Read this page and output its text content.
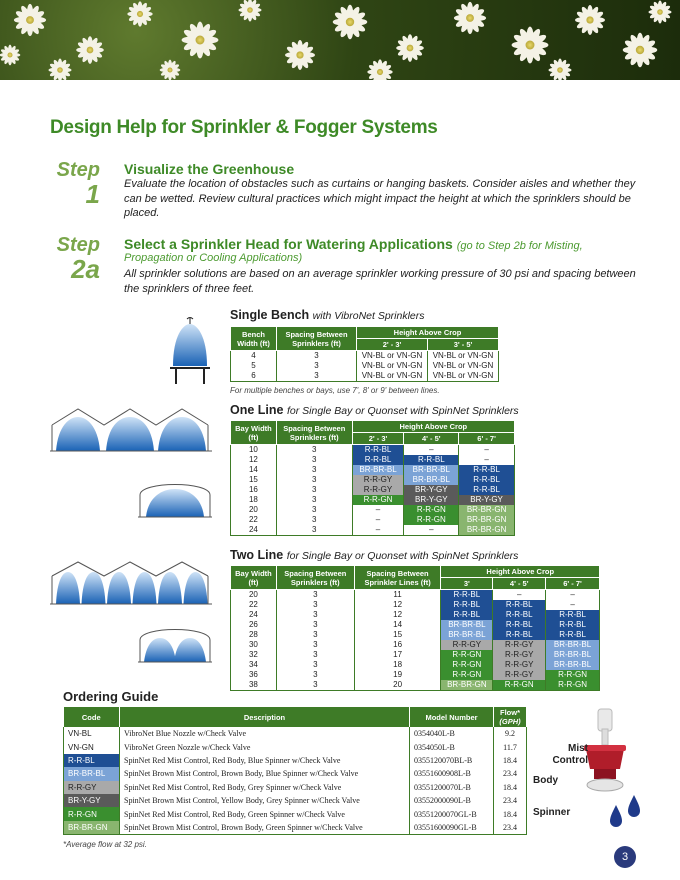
Design Help for Sprinkler & Fogger Systems
Step
1
Visualize the Greenhouse
Evaluate the location of obstacles such as curtains or hanging baskets. Consider aisles and whether they can be wetted. Review cultural practices which might impact the height at which the sprinklers should be placed.
Step
2a
Select a Sprinkler Head for Watering Applications (go to Step 2b for Misting,
Propagation or Cooling Applications)
All sprinkler solutions are based on an average sprinkler working pressure of 30 psi and spacing between the sprinklers of three feet.
Single Bench with VibroNet Sprinklers
Bench Width (ft)	Spacing Between Sprinklers (ft)	Height Above Crop	
		2' - 3'	3' - 5'
4	3	VN-BL or VN-GN	VN-BL or VN-GN
5	3	VN-BL or VN-GN	VN-BL or VN-GN
6	3	VN-BL or VN-GN	VN-BL or VN-GN
For multiple benches or bays, use 7', 8' or 9' between lines.
One Line for Single Bay or Quonset with SpinNet Sprinklers
Bay Width (ft)	Spacing Between Sprinklers (ft)	Height Above Crop		
		2' - 3'	4' - 5'	6' - 7'
10	3	R-R-BL	–	–
12	3	R-R-BL	R-R-BL	–
14	3	BR-BR-BL	BR-BR-BL	R-R-BL
15	3	R-R-GY	BR-BR-BL	R-R-BL
16	3	R-R-GY	BR-Y-GY	R-R-BL
18	3	R-R-GN	BR-Y-GY	BR-Y-GY
20	3	–	R-R-GN	BR-BR-GN
22	3	–	R-R-GN	BR-BR-GN
24	3	–	–	BR-BR-GN
Two Line for Single Bay or Quonset with SpinNet Sprinklers
Bay Width (ft)	Spacing Between Sprinklers (ft)	Spacing Between Sprinkler Lines (ft)	Height Above Crop		
			3'	4' - 5'	6' - 7'
20	3	11	R-R-BL	–	–
22	3	12	R-R-BL	R-R-BL	–
24	3	12	R-R-BL	R-R-BL	R-R-BL
26	3	14	BR-BR-BL	R-R-BL	R-R-BL
28	3	15	BR-BR-BL	R-R-BL	R-R-BL
30	3	16	R-R-GY	R-R-GY	BR-BR-BL
32	3	17	R-R-GN	R-R-GY	BR-BR-BL
34	3	18	R-R-GN	R-R-GY	BR-BR-BL
36	3	19	R-R-GN	R-R-GY	R-R-GN
38	3	20	BR-BR-GN	R-R-GN	R-R-GN
Ordering Guide
Code	Description	Model Number	Flow*
(GPH)
VN-BL	VibroNet Blue Nozzle w/Check Valve	0354040L-B	9.2
VN-GN	VibroNet Green Nozzle w/Check Valve	0354050L-B	11.7
R-R-BL	SpinNet Red Mist Control, Red Body, Blue Spinner w/Check Valve	0355120070BL-B	18.4
BR-BR-BL	SpinNet Brown Mist Control, Brown Body, Blue Spinner w/Check Valve	03551600908L-B	23.4
R-R-GY	SpinNet Red Mist Control, Red Body, Grey Spinner w/Check Valve	03551200070L-B	18.4
BR-Y-GY	SpinNet Brown Mist Control, Yellow Body, Grey Spinner w/Check Valve	03552000090L-B	23.4
R-R-GN	SpinNet Red Mist Control, Red Body, Green Spinner w/Check Valve	03551200070GL-B	18.4
BR-BR-GN	SpinNet Brown Mist Control, Brown Body, Green Spinner w/Check Valve	03551600090GL-B	23.4
*Average flow at 32 psi.
Mist Control
Body
Spinner
3
